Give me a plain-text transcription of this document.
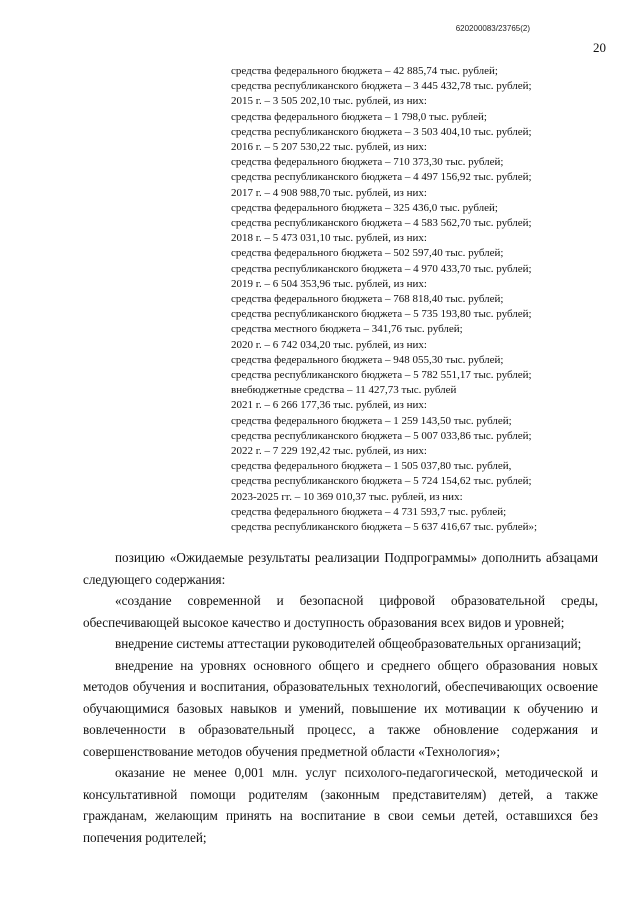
620200083/23765(2)
20
средства федерального бюджета – 42 885,74 тыс. рублей;
средства республиканского бюджета – 3 445 432,78 тыс. рублей;
2015 г. – 3 505 202,10 тыс. рублей, из них:
средства федерального бюджета – 1 798,0 тыс. рублей;
средства республиканского бюджета – 3 503 404,10 тыс. рублей;
2016 г. – 5 207 530,22 тыс. рублей, из них:
средства федерального бюджета – 710 373,30 тыс. рублей;
средства республиканского бюджета – 4 497 156,92 тыс. рублей;
2017 г. – 4 908 988,70 тыс. рублей, из них:
средства федерального бюджета – 325 436,0 тыс. рублей;
средства республиканского бюджета – 4 583 562,70 тыс. рублей;
2018 г. – 5 473 031,10 тыс. рублей, из них:
средства федерального бюджета – 502 597,40 тыс. рублей;
средства республиканского бюджета – 4 970 433,70 тыс. рублей;
2019 г. – 6 504 353,96 тыс. рублей, из них:
средства федерального бюджета – 768 818,40 тыс. рублей;
средства республиканского бюджета – 5 735 193,80 тыс. рублей;
средства местного бюджета – 341,76 тыс. рублей;
2020 г. – 6 742 034,20 тыс. рублей, из них:
средства федерального бюджета – 948 055,30 тыс. рублей;
средства республиканского бюджета – 5 782 551,17 тыс. рублей;
внебюджетные средства – 11 427,73 тыс. рублей
2021 г. – 6 266 177,36 тыс. рублей, из них:
средства федерального бюджета – 1 259 143,50 тыс. рублей;
средства республиканского бюджета – 5 007 033,86 тыс. рублей;
2022 г. – 7 229 192,42 тыс. рублей, из них:
средства федерального бюджета – 1 505 037,80 тыс. рублей,
средства республиканского бюджета – 5 724 154,62 тыс. рублей;
2023-2025 гг. – 10 369 010,37 тыс. рублей, из них:
средства федерального бюджета – 4 731 593,7 тыс. рублей;
средства республиканского бюджета – 5 637 416,67 тыс. рублей»;

позицию «Ожидаемые результаты реализации Подпрограммы» дополнить абзацами следующего содержания:

«создание современной и безопасной цифровой образовательной среды, обеспечивающей высокое качество и доступность образования всех видов и уровней;

внедрение системы аттестации руководителей общеобразовательных организаций;

внедрение на уровнях основного общего и среднего общего образования новых методов обучения и воспитания, образовательных технологий, обеспечивающих освоение обучающимися базовых навыков и умений, повышение их мотивации к обучению и вовлеченности в образовательный процесс, а также обновление содержания и совершенствование методов обучения предметной области «Технология»;

оказание не менее 0,001 млн. услуг психолого-педагогической, методической и консультативной помощи родителям (законным представителям) детей, а также гражданам, желающим принять на воспитание в свои семьи детей, оставшихся без попечения родителей;
